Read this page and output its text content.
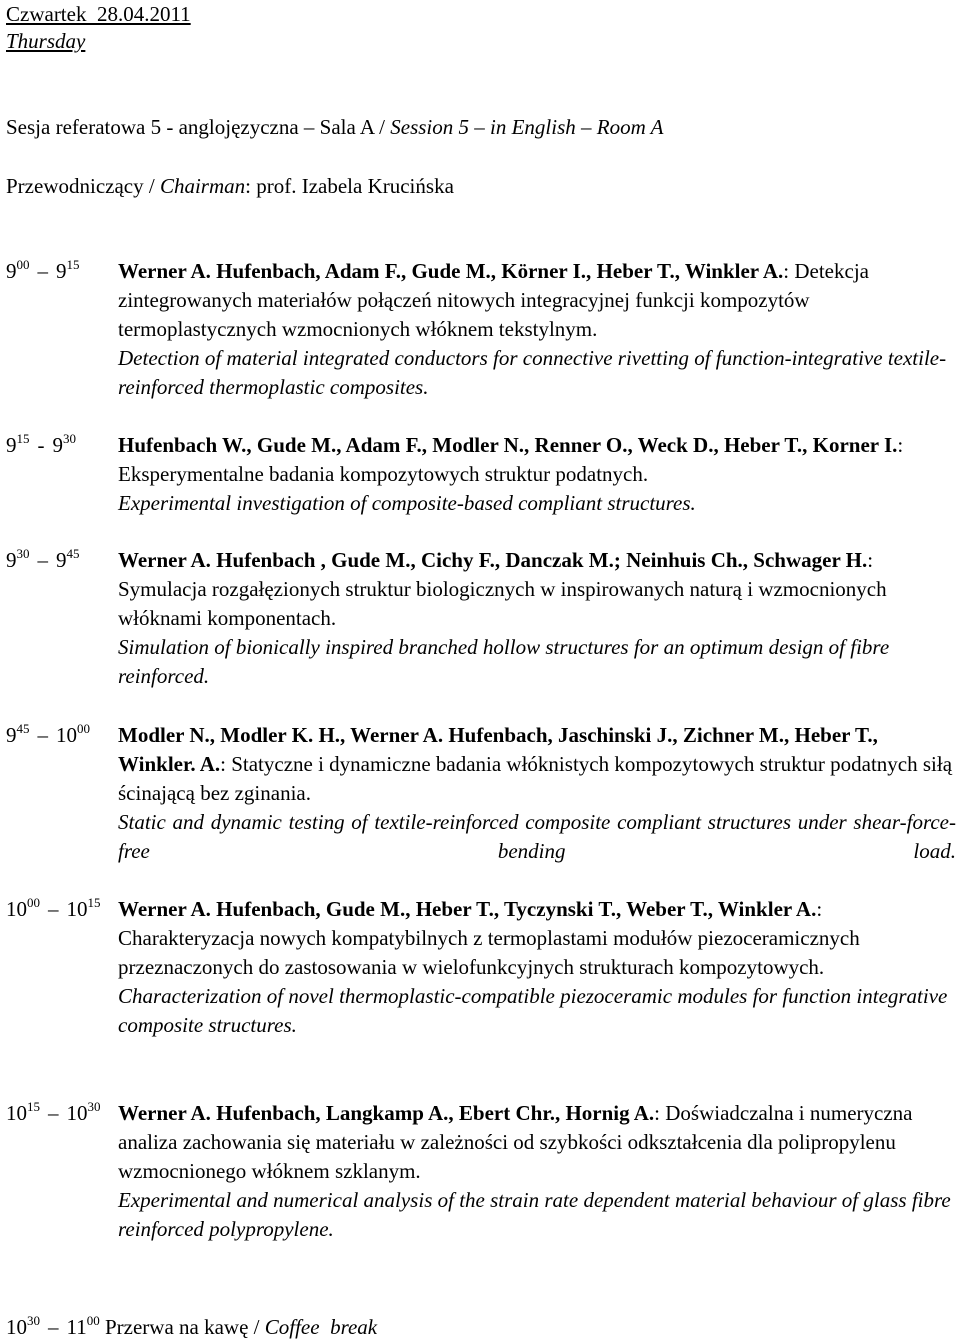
Czwartek  28.04.2011
Thursday
Sesja referatowa 5 - anglojęzyczna – Sala A / Session 5 – in English – Room A
Przewodniczący / Chairman: prof. Izabela Krucińska
$9^{00} - 9^{15}$ Werner A. Hufenbach, Adam F., Gude M., Körner I., Heber T., Winkler A.: Detekcja zintegrowanych materiałów połączeń nitowych integracyjnej funkcji kompozytów termoplastycznych wzmocnionych włóknem tekstylnym.

Detection of material integrated conductors for connective rivetting of function-integrative textile-reinforced thermoplastic composites.

$9^{15} - 9^{30}$ Hufenbach W., Gude M., Adam F., Modler N., Renner O., Weck D., Heber T., Korner I.: Eksperymentalne badania kompozytowych struktur podatnych.

Experimental investigation of composite-based compliant structures.

$9^{30} - 9^{45}$ Werner A. Hufenbach , Gude M., Cichy F., Danczak M.; Neinhuis Ch., Schwager H.: Symulacja rozgałęzionych struktur biologicznych w inspirowanych naturą i wzmocnionych włóknami komponentach.

Simulation of bionically inspired branched hollow structures for an optimum design of fibre reinforced.

$9^{45} - 10^{00}$ Modler N., Modler K. H., Werner A. Hufenbach, Jaschinski J., Zichner M., Heber T., Winkler. A.: Statyczne i dynamiczne badania włóknistych kompozytowych struktur podatnych siłą ścinającą bez zginania.

Static and dynamic testing of textile-reinforced composite compliant structures under shear-force-free bending load.

$10^{00} - 10^{15}$ Werner A. Hufenbach, Gude M., Heber T., Tyczynski T., Weber T., Winkler A.: Charakteryzacja nowych kompatybilnych z termoplastami modułów piezoceramicznych przeznaczonych do zastosowania w wielofunkcyjnych strukturach kompozytowych.

Characterization of novel thermoplastic-compatible piezoceramic modules for function integrative composite structures.

$10^{15} - 10^{30}$ Werner A. Hufenbach, Langkamp A., Ebert Chr., Hornig A.: Doświadczalna i numeryczna analiza zachowania się materiału w zależności od szybkości odkształcenia dla polipropylenu wzmocnionego włóknem szklanym.

Experimental and numerical analysis of the strain rate dependent material behaviour of glass fibre reinforced polypropylene.

$10^{30} - 11^{00}$ Przerwa na kawę / Coffee  break
